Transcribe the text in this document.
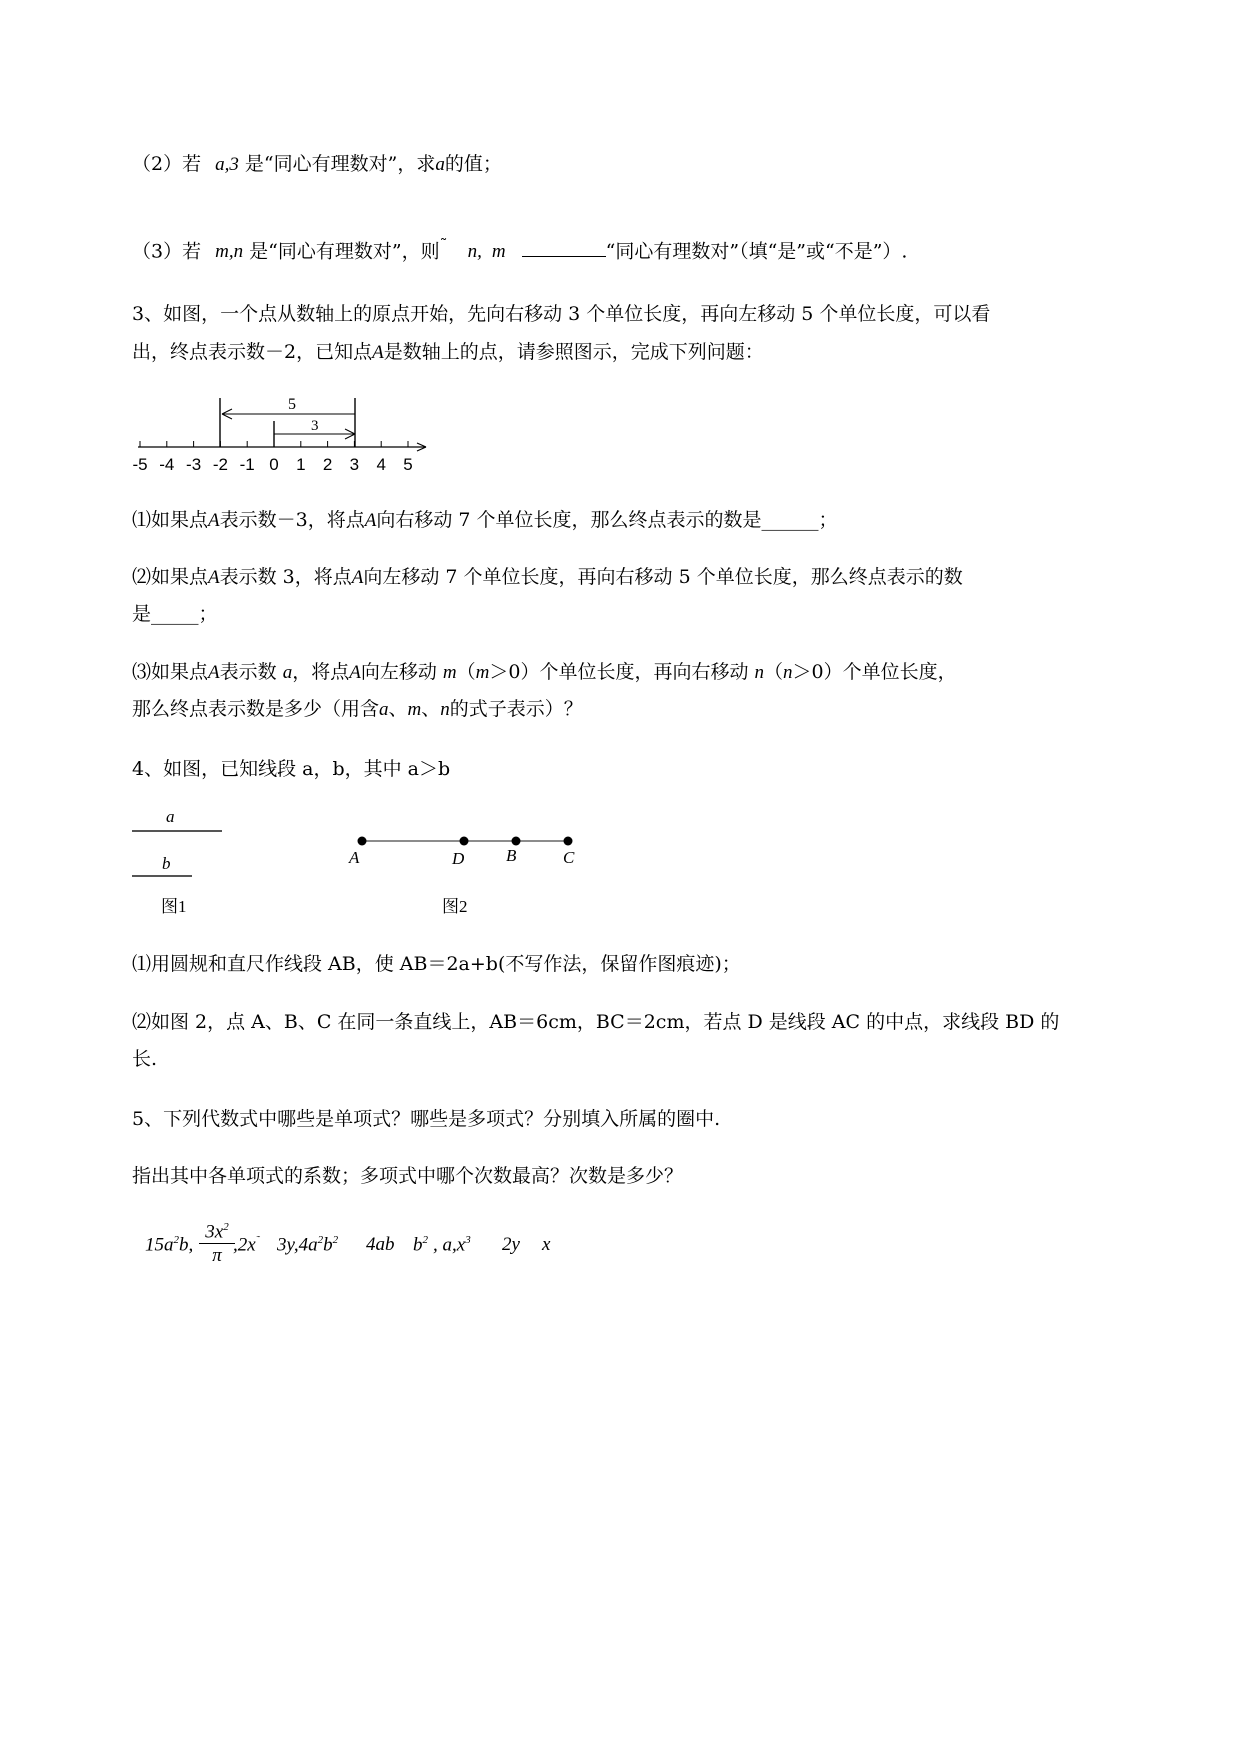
（2）若 a,3 是“同心有理数对”，求a的值；
（3）若 m,n 是“同心有理数对”，则˜ n, m	“同心有理数对”（填“是”或“不是”）.
3、如图，一个点从数轴上的原点开始，先向右移动 3 个单位长度，再向左移动 5 个单位长度，可以看
出，终点表示数－2，已知点A是数轴上的点，请参照图示，完成下列问题：
-5 -4 -3 -2 -1 0 1 2 3 4 5
5
3
⑴如果点A表示数－3，将点A向右移动 7 个单位长度，那么终点表示的数是______；
⑵如果点A表示数 3，将点A向左移动 7 个单位长度，再向右移动 5 个单位长度，那么终点表示的数
是_____；
⑶如果点A表示数 a，将点A向左移动 m（m＞0）个单位长度，再向右移动 n（n＞0）个单位长度，
那么终点表示数是多少（用含a、m、n的式子表示）？
4、如图，已知线段 a，b，其中 a＞b
a
b
图1
A	D B	C
图2
⑴用圆规和直尺作线段 AB，使 AB＝2a+b(不写作法，保留作图痕迹)；
⑵如图 2，点 A、B、C 在同一条直线上，AB＝6cm，BC＝2cm，若点 D 是线段 AC 的中点，求线段 BD 的
长.
5、下列代数式中哪些是单项式？哪些是多项式？分别填入所属的圈中.
指出其中各单项式的系数；多项式中哪个次数最高？次数是多少？
$15a^2b$, $\frac{3x^2}{\pi}$
,2x˜ $3y,4a^2b^2$ 4ab $b^2$ , $a,x^3$ 2y x
